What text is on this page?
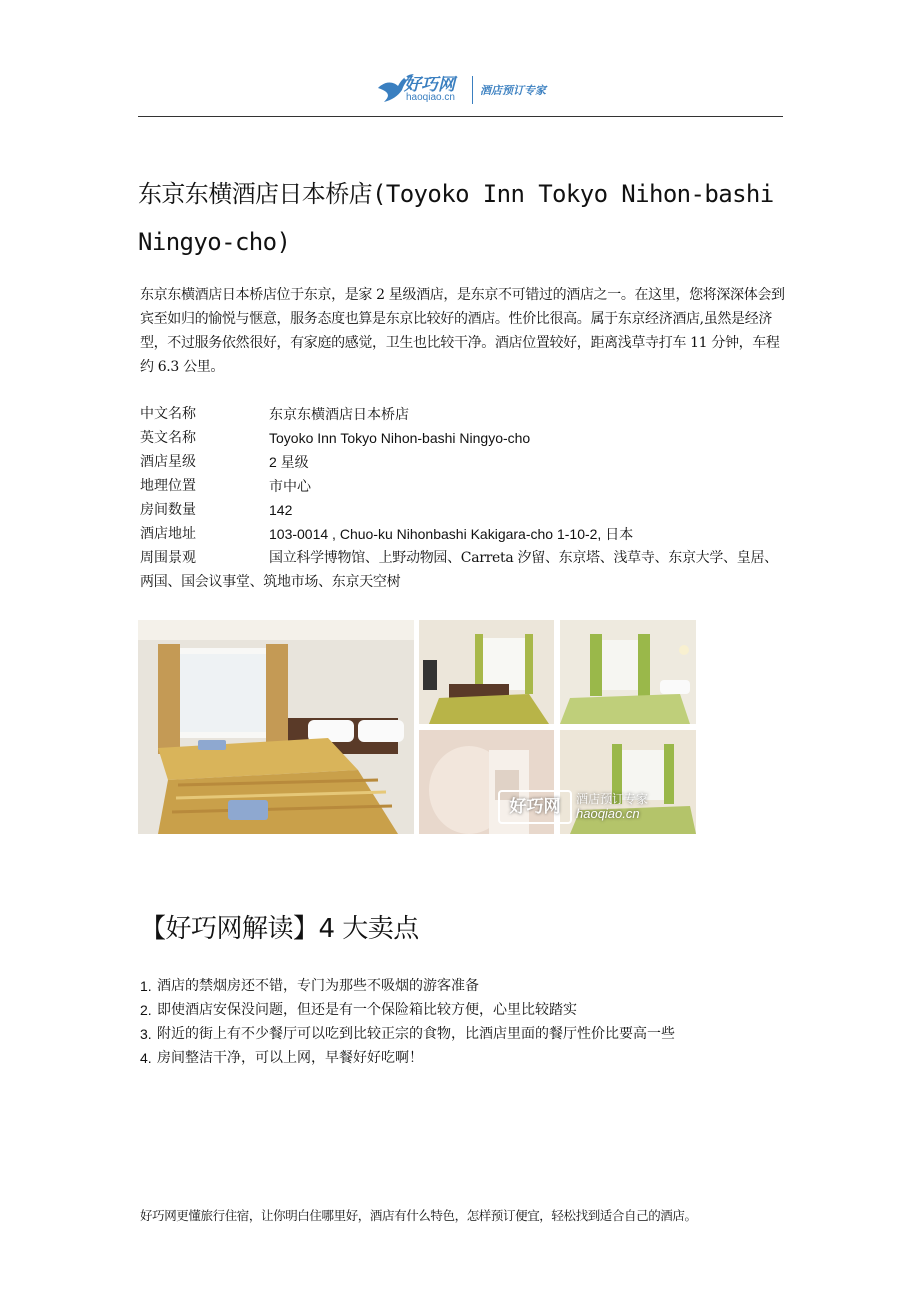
好巧网
haoqiao.cn
酒店预订专家
东京东横酒店日本桥店(Toyoko Inn Tokyo Nihon-bashi Ningyo-cho)
东京东横酒店日本桥店位于东京，是家 2 星级酒店，是东京不可错过的酒店之一。在这里，您将深深体会到宾至如归的愉悦与惬意，服务态度也算是东京比较好的酒店。性价比很高。属于东京经济酒店,虽然是经济型，不过服务依然很好，有家庭的感觉，卫生也比较干净。酒店位置较好，距离浅草寺打车 11 分钟，车程约 6.3 公里。
中文名称	东京东横酒店日本桥店
英文名称	Toyoko Inn Tokyo Nihon-bashi Ningyo-cho
酒店星级	2 星级
地理位置	市中心
房间数量	142
酒店地址	103-0014 , Chuo-ku Nihonbashi Kakigara-cho 1-10-2, 日本
周围景观	国立科学博物馆、上野动物园、Carreta 汐留、东京塔、浅草寺、东京大学、皇居、两国、国会议事堂、筑地市场、东京天空树
好巧网	酒店预订专家
haoqiao.cn
【好巧网解读】4 大卖点
1. 酒店的禁烟房还不错，专门为那些不吸烟的游客准备
2. 即使酒店安保没问题，但还是有一个保险箱比较方便，心里比较踏实
3. 附近的街上有不少餐厅可以吃到比较正宗的食物，比酒店里面的餐厅性价比要高一些
4. 房间整洁干净，可以上网，早餐好好吃啊！
好巧网更懂旅行住宿，让你明白住哪里好，酒店有什么特色，怎样预订便宜，轻松找到适合自己的酒店。
